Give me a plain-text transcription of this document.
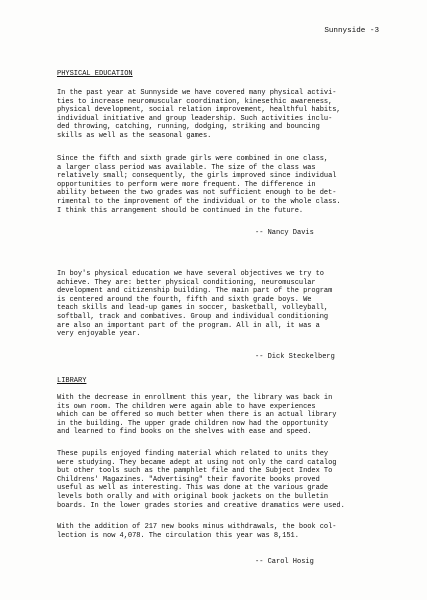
Sunnyside -3
PHYSICAL EDUCATION
In the past year at Sunnyside we have covered many physical activi-
ties to increase neuromuscular coordination, kinesethic awareness,
physical development, social relation improvement, healthful habits,
individual initiative and group leadership. Such activities inclu-
ded throwing, catching, running, dodging, striking and bouncing
skills as well as the seasonal games.
Since the fifth and sixth grade girls were combined in one class,
a larger class period was available. The size of the class was
relatively small; consequently, the girls improved since individual
opportunities to perform were more frequent. The difference in
ability between the two grades was not sufficient enough to be det-
rimental to the improvement of the individual or to the whole class.
I think this arrangement should be continued in the future.
-- Nancy Davis
In boy's physical education we have several objectives we try to
achieve. They are: better physical conditioning, neuromuscular
development and citizenship building. The main part of the program
is centered around the fourth, fifth and sixth grade boys. We
teach skills and lead-up games in soccer, basketball, volleyball,
softball, track and combatives. Group and individual conditioning
are also an important part of the program. All in all, it was a
very enjoyable year.
-- Dick Steckelberg
LIBRARY
With the decrease in enrollment this year, the library was back in
its own room. The children were again able to have experiences
which can be offered so much better when there is an actual library
in the building. The upper grade children now had the opportunity
and learned to find books on the shelves with ease and speed.
These pupils enjoyed finding material which related to units they
were studying. They became adept at using not only the card catalog
but other tools such as the pamphlet file and the Subject Index To
Childrens' Magazines. "Advertising" their favorite books proved
useful as well as interesting. This was done at the various grade
levels both orally and with original book jackets on the bulletin
boards. In the lower grades stories and creative dramatics were used.
With the addition of 217 new books minus withdrawals, the book col-
lection is now 4,078. The circulation this year was 8,151.
-- Carol Hosig
